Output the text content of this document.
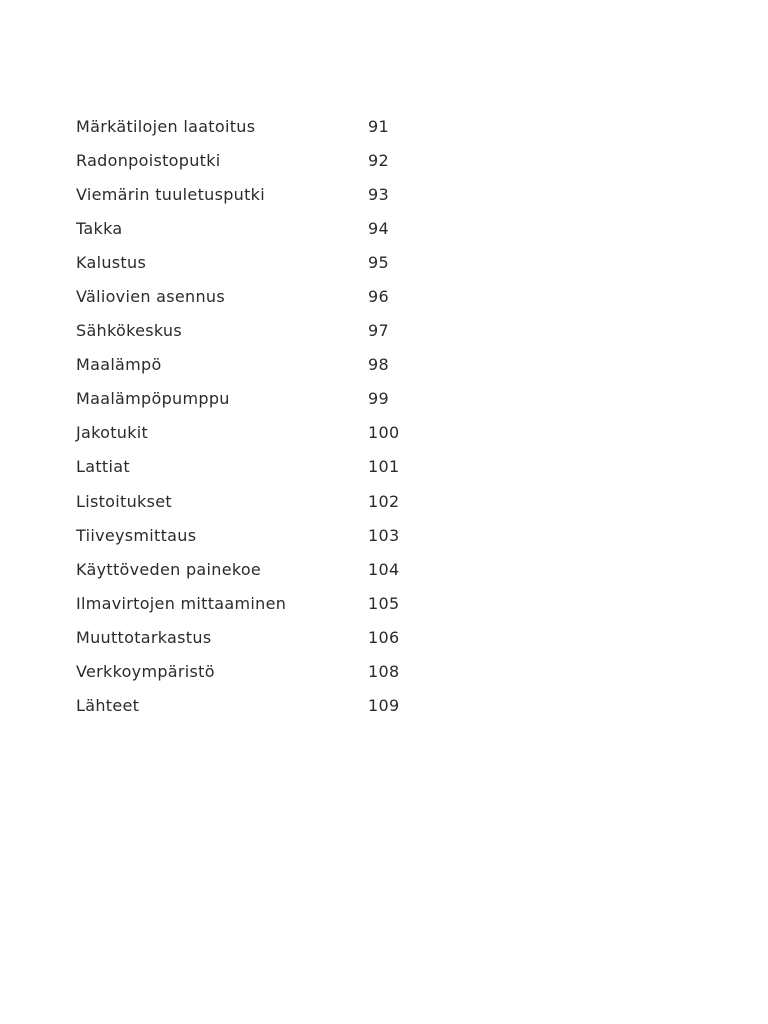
Märkätilojen laatoitus	91
Radonpoistoputki	92
Viemärin tuuletusputki	93
Takka	94
Kalustus	95
Väliovien asennus	96
Sähkökeskus	97
Maalämpö	98
Maalämpöpumppu	99
Jakotukit	100
Lattiat	101
Listoitukset	102
Tiiveysmittaus	103
Käyttöveden painekoe	104
Ilmavirtojen mittaaminen	105
Muuttotarkastus	106
Verkkoympäristö	108
Lähteet	109
